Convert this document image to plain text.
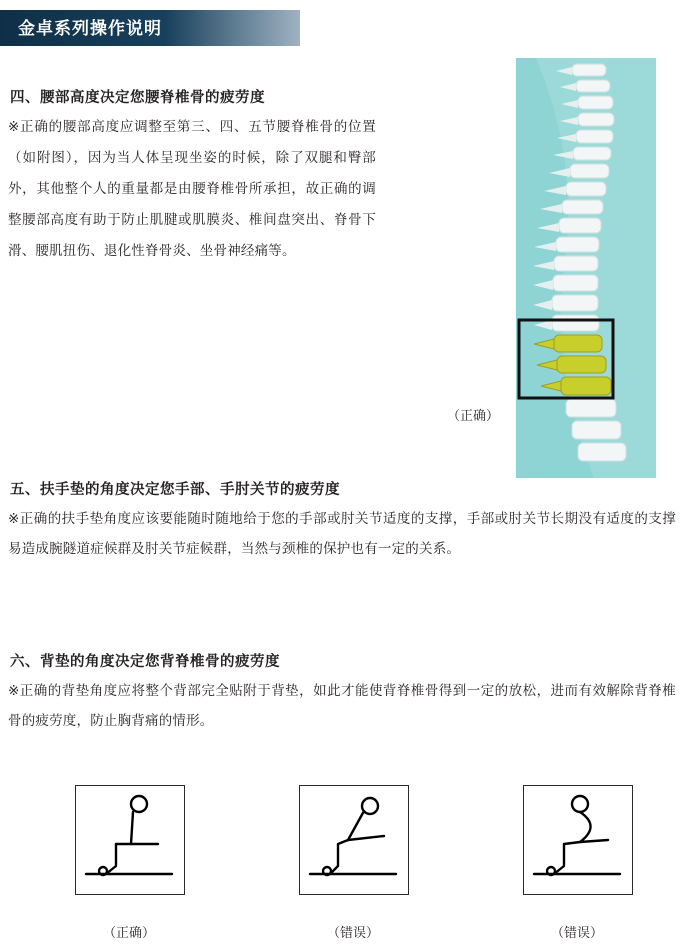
金卓系列操作说明
四、腰部高度决定您腰脊椎骨的疲劳度
※正确的腰部高度应调整至第三、四、五节腰脊椎骨的位置（如附图），因为当人体呈现坐姿的时候，除了双腿和臀部外，其他整个人的重量都是由腰脊椎骨所承担，故正确的调整腰部高度有助于防止肌腱或肌膜炎、椎间盘突出、脊骨下滑、腰肌扭伤、退化性脊骨炎、坐骨神经痛等。
（正确）
五、扶手垫的角度决定您手部、手肘关节的疲劳度
※正确的扶手垫角度应该要能随时随地给于您的手部或肘关节适度的支撑，手部或肘关节长期没有适度的支撑易造成腕隧道症候群及肘关节症候群，当然与颈椎的保护也有一定的关系。
六、背垫的角度决定您背脊椎骨的疲劳度
※正确的背垫角度应将整个背部完全贴附于背垫，如此才能使背脊椎骨得到一定的放松，进而有效解除背脊椎骨的疲劳度，防止胸背痛的情形。
（正确）	（错误）	（错误）
